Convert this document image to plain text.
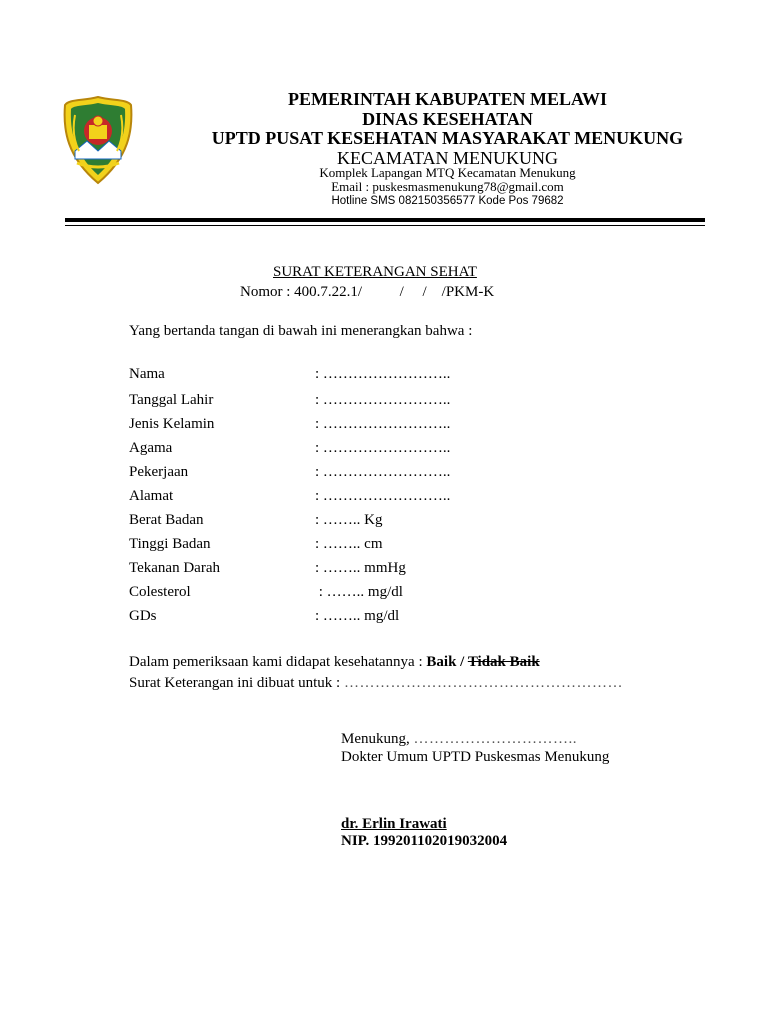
PEMERINTAH KABUPATEN MELAWI
DINAS KESEHATAN
UPTD PUSAT KESEHATAN MASYARAKAT MENUKUNG
KECAMATAN MENUKUNG
Komplek Lapangan MTQ Kecamatan Menukung
Email : puskesmasmenukung78@gmail.com
Hotline SMS 082150356577 Kode Pos 79682
SURAT KETERANGAN SEHAT
Nomor : 400.7.22.1/          /     /    /PKM-K
Yang bertanda tangan di bawah ini menerangkan bahwa :
Nama	: ……………………..
Tanggal Lahir	: ……………………..
Jenis Kelamin	: ……………………..
Agama	: ……………………..
Pekerjaan	: ……………………..
Alamat	: ……………………..
Berat Badan	: …….. Kg
Tinggi Badan	: …….. cm
Tekanan Darah	: …….. mmHg
Colesterol	: …….. mg/dl
GDs	: …….. mg/dl
Dalam pemeriksaan kami didapat kesehatannya : Baik / Tidak Baik
Surat Keterangan ini dibuat untuk : ………………………………………………
Menukung, …………………………..
Dokter Umum UPTD Puskesmas Menukung
dr. Erlin Irawati
NIP. 199201102019032004
